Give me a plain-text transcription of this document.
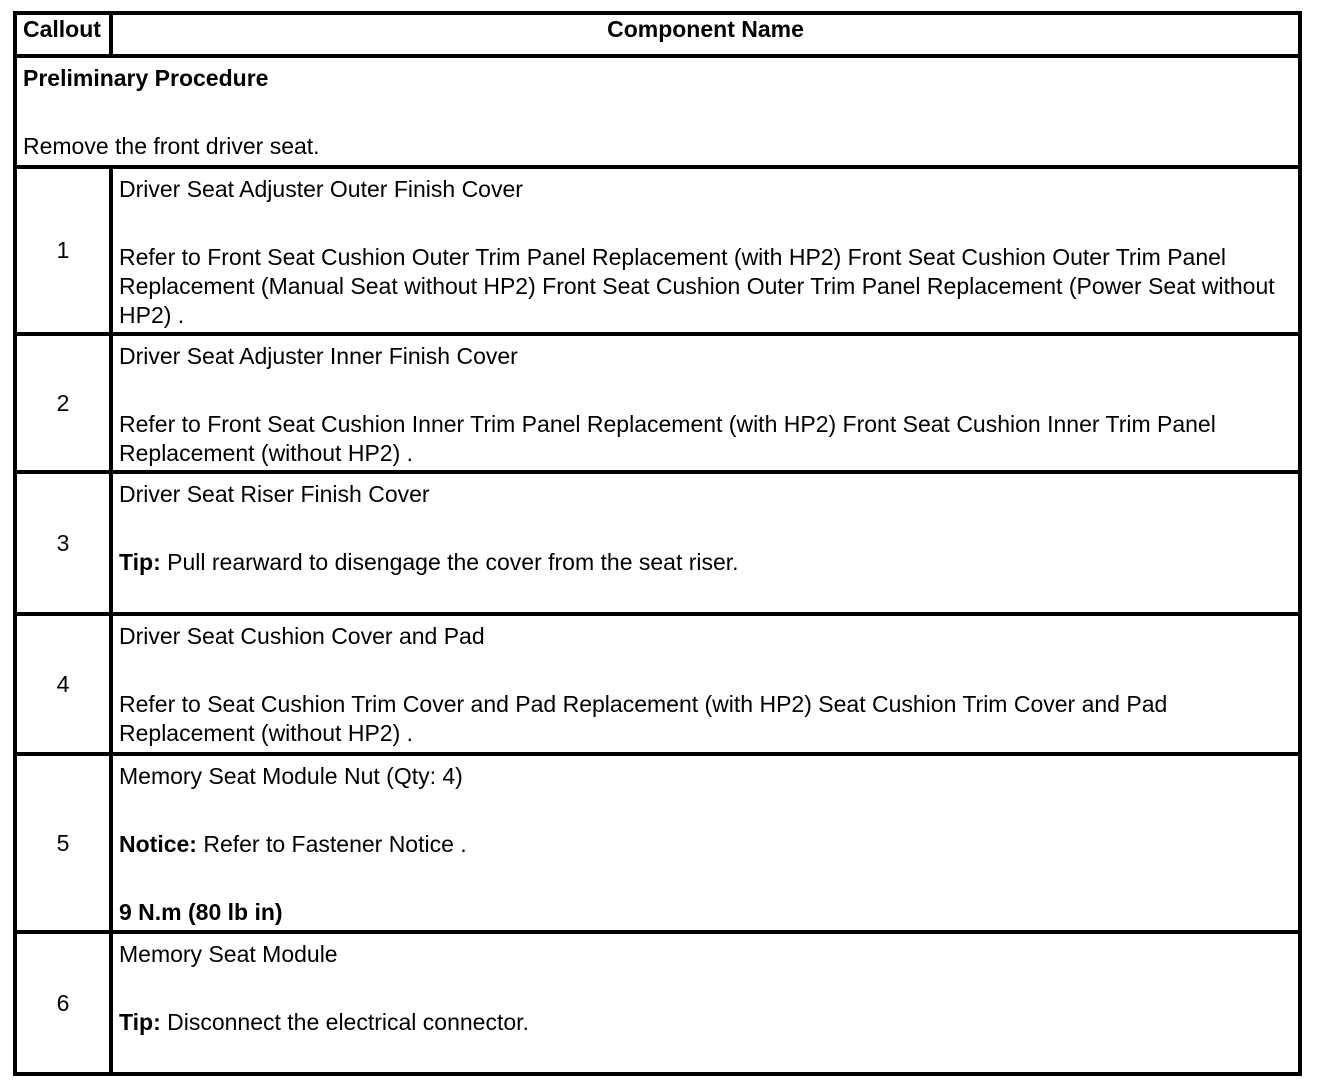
Callout	Component Name

Preliminary Procedure

Remove the front driver seat.	

1	Driver Seat Adjuster Outer Finish Cover

Refer to Front Seat Cushion Outer Trim Panel Replacement (with HP2) Front Seat Cushion Outer Trim Panel Replacement (Manual Seat without HP2) Front Seat Cushion Outer Trim Panel Replacement (Power Seat without HP2) .

2	Driver Seat Adjuster Inner Finish Cover

Refer to Front Seat Cushion Inner Trim Panel Replacement (with HP2) Front Seat Cushion Inner Trim Panel Replacement (without HP2) .

3	Driver Seat Riser Finish Cover

Tip: Pull rearward to disengage the cover from the seat riser.

4	Driver Seat Cushion Cover and Pad

Refer to Seat Cushion Trim Cover and Pad Replacement (with HP2) Seat Cushion Trim Cover and Pad Replacement (without HP2) .

5	Memory Seat Module Nut (Qty: 4)

Notice: Refer to Fastener Notice .

9 N.m (80 lb in)

6	Memory Seat Module

Tip: Disconnect the electrical connector.
